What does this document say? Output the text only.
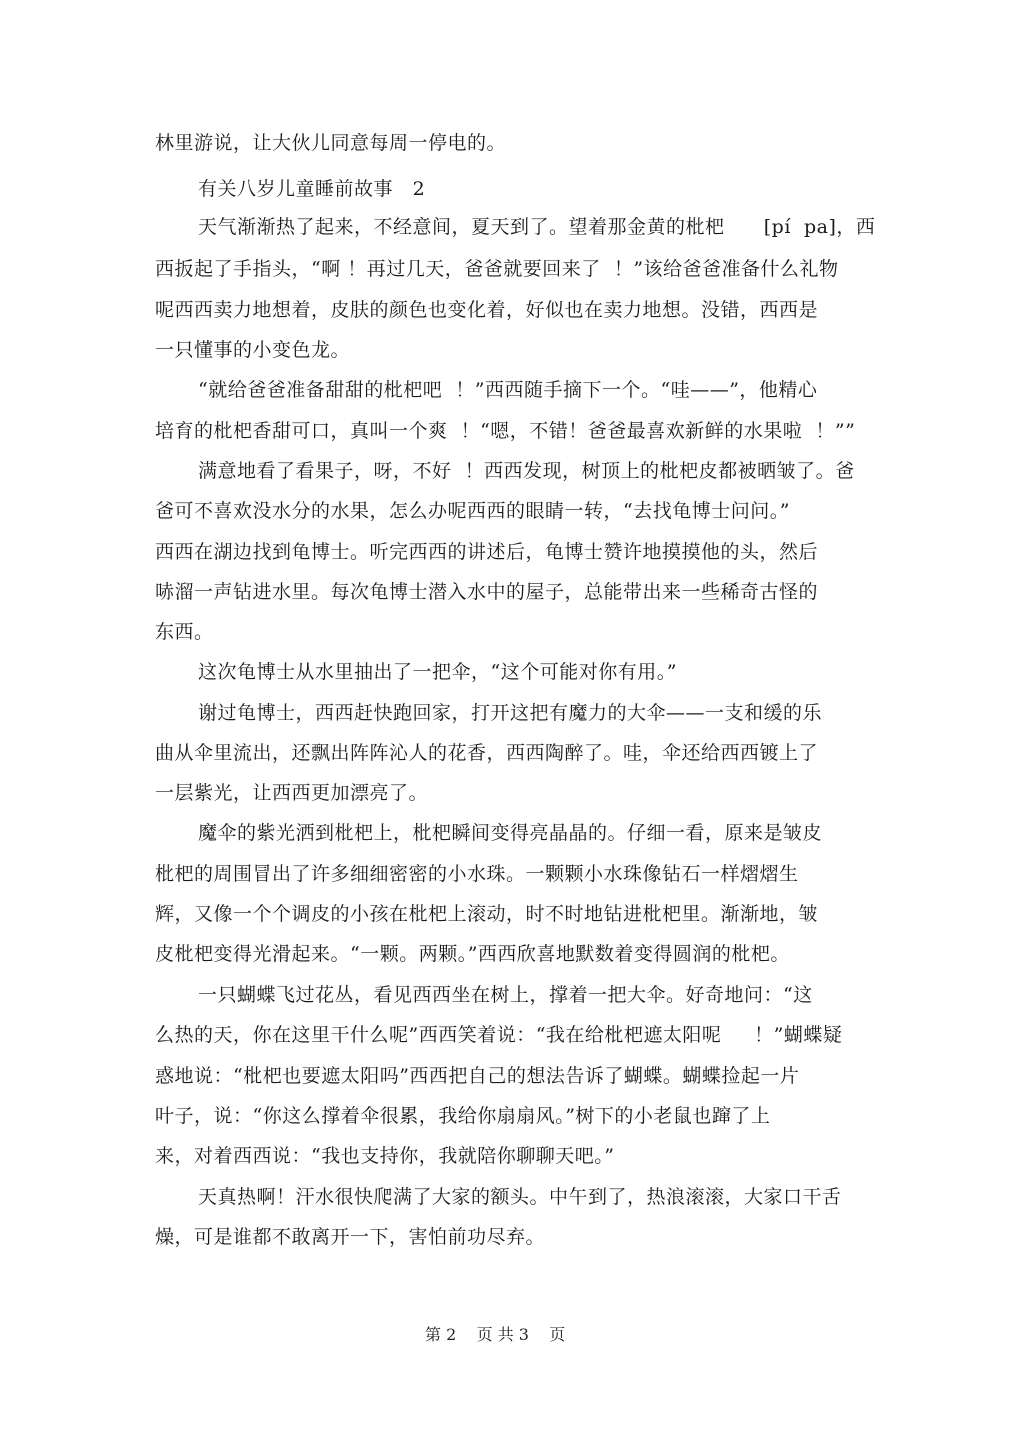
林里游说，让大伙儿同意每周一停电的。
有关八岁儿童睡前故事   2
天气渐渐热了起来，不经意间，夏天到了。望着那金黄的枇杷      [pí  pa]，西
西扳起了手指头，“啊 ！再过几天，爸爸就要回来了  ！”该给爸爸准备什么礼物
呢西西卖力地想着，皮肤的颜色也变化着，好似也在卖力地想。没错，西西是
一只懂事的小变色龙。
“就给爸爸准备甜甜的枇杷吧  ！”西西随手摘下一个。“哇——”，他精心
培育的枇杷香甜可口，真叫一个爽  ！“嗯，不错！爸爸最喜欢新鲜的水果啦  ！””
满意地看了看果子，呀，不好  ！西西发现，树顶上的枇杷皮都被晒皱了。爸
爸可不喜欢没水分的水果，怎么办呢西西的眼睛一转，“去找龟博士问问。”
西西在湖边找到龟博士。听完西西的讲述后，龟博士赞许地摸摸他的头，然后
哧溜一声钻进水里。每次龟博士潜入水中的屋子，总能带出来一些稀奇古怪的
东西。
这次龟博士从水里抽出了一把伞，“这个可能对你有用。”
谢过龟博士，西西赶快跑回家，打开这把有魔力的大伞——一支和缓的乐
曲从伞里流出，还飘出阵阵沁人的花香，西西陶醉了。哇，伞还给西西镀上了
一层紫光，让西西更加漂亮了。
魔伞的紫光洒到枇杷上，枇杷瞬间变得亮晶晶的。仔细一看，原来是皱皮
枇杷的周围冒出了许多细细密密的小水珠。一颗颗小水珠像钻石一样熠熠生
辉，又像一个个调皮的小孩在枇杷上滚动，时不时地钻进枇杷里。渐渐地，皱
皮枇杷变得光滑起来。“一颗。两颗。”西西欣喜地默数着变得圆润的枇杷。
一只蝴蝶飞过花丛，看见西西坐在树上，撑着一把大伞。好奇地问：“这
么热的天，你在这里干什么呢”西西笑着说：“我在给枇杷遮太阳呢     ！”蝴蝶疑
惑地说：“枇杷也要遮太阳吗”西西把自己的想法告诉了蝴蝶。蝴蝶捡起一片
叶子，说：“你这么撑着伞很累，我给你扇扇风。”树下的小老鼠也蹿了上
来，对着西西说：“我也支持你，我就陪你聊聊天吧。”
天真热啊！汗水很快爬满了大家的额头。中午到了，热浪滚滚，大家口干舌
燥，可是谁都不敢离开一下，害怕前功尽弃。
第 2    页 共 3    页
